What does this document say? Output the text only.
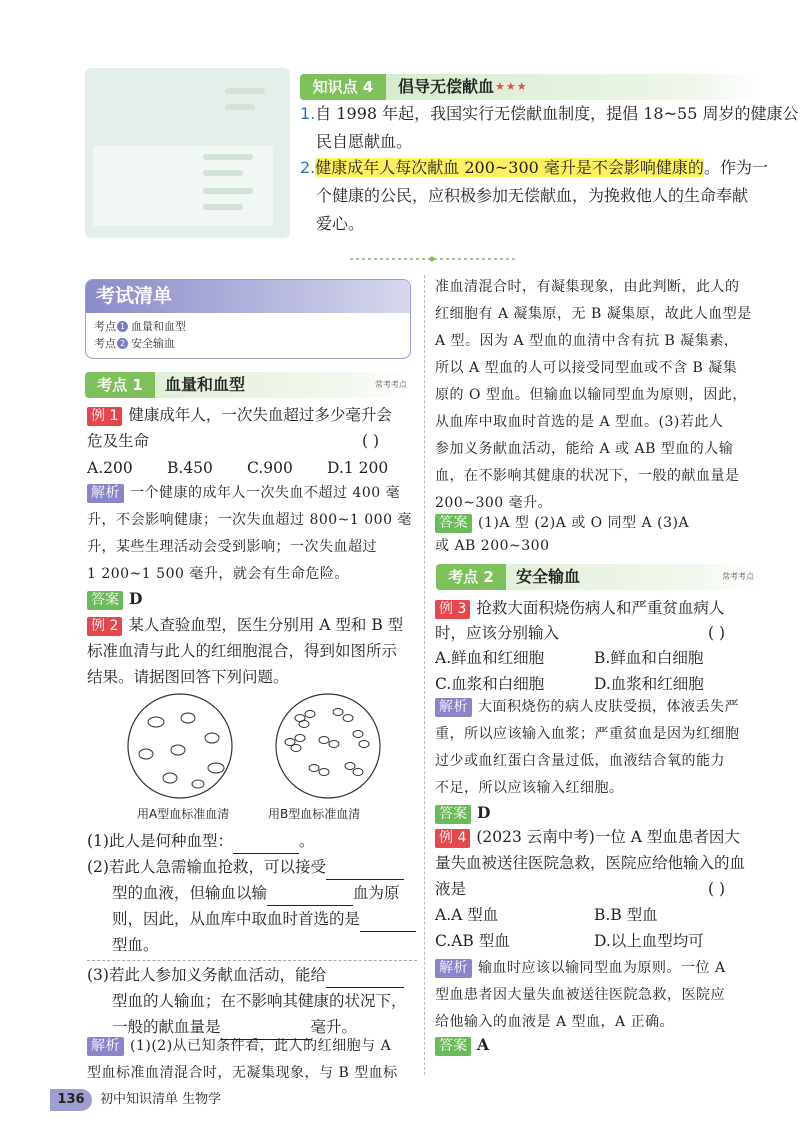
知识点 4	倡导无偿献血 ★★★
1.自 1998 年起，我国实行无偿献血制度，提倡 18~55 周岁的健康公
民自愿献血。
2.健康成年人每次献血 200~300 毫升是不会影响健康的。作为一
个健康的公民，应积极参加无偿献血，为挽救他人的生命奉献
爱心。
考试清单
考点 1 血量和血型
考点 2 安全输血
考点 1	血量和血型	常考考点
例 1 健康成年人，一次失血超过多少毫升会
危及生命	( )
A.200 B.450 C.900 D.1 200
解析 一个健康的成年人一次失血不超过 400 毫
升，不会影响健康；一次失血超过 800~1 000 毫
升，某些生理活动会受到影响；一次失血超过
1 200~1 500 毫升，就会有生命危险。
答案 D
例 2 某人查验血型，医生分别用 A 型和 B 型
标准血清与此人的红细胞混合，得到如图所示
结果。请据图回答下列问题。
用A型血标准血清	用B型血标准血清
(1)此人是何种血型：	。
(2)若此人急需输血抢救，可以接受
型的血液，但输血以输	血为原
则，因此，从血库中取血时首选的是
型血。
(3)若此人参加义务献血活动，能给
型血的人输血；在不影响其健康的状况下，
一般的献血量是	毫升。
解析 (1)(2)从已知条件看，此人的红细胞与 A
型血标准血清混合时，无凝集现象，与 B 型血标
准血清混合时，有凝集现象，由此判断，此人的
红细胞有 A 凝集原，无 B 凝集原，故此人血型是
A 型。因为 A 型血的血清中含有抗 B 凝集素，
所以 A 型血的人可以接受同型血或不含 B 凝集
原的 O 型血。但输血以输同型血为原则，因此，
从血库中取血时首选的是 A 型血。(3)若此人
参加义务献血活动，能给 A 或 AB 型血的人输
血，在不影响其健康的状况下，一般的献血量是
200~300 毫升。
答案 (1)A 型 (2)A 或 O 同型 A (3)A
或 AB 200~300
考点 2	安全输血	常考考点
例 3 抢救大面积烧伤病人和严重贫血病人
时，应该分别输入	( )
A.鲜血和红细胞	B.鲜血和白细胞
C.血浆和白细胞	D.血浆和红细胞
解析 大面积烧伤的病人皮肤受损，体液丢失严
重，所以应该输入血浆；严重贫血是因为红细胞
过少或血红蛋白含量过低，血液结合氧的能力
不足，所以应该输入红细胞。
答案 D
例 4 (2023 云南中考)一位 A 型血患者因大
量失血被送往医院急救，医院应给他输入的血
液是	( )
A.A 型血	B.B 型血
C.AB 型血	D.以上血型均可
解析 输血时应该以输同型血为原则。一位 A
型血患者因大量失血被送往医院急救，医院应
给他输入的血液是 A 型血，A 正确。
答案 A
136	初中知识清单 生物学
